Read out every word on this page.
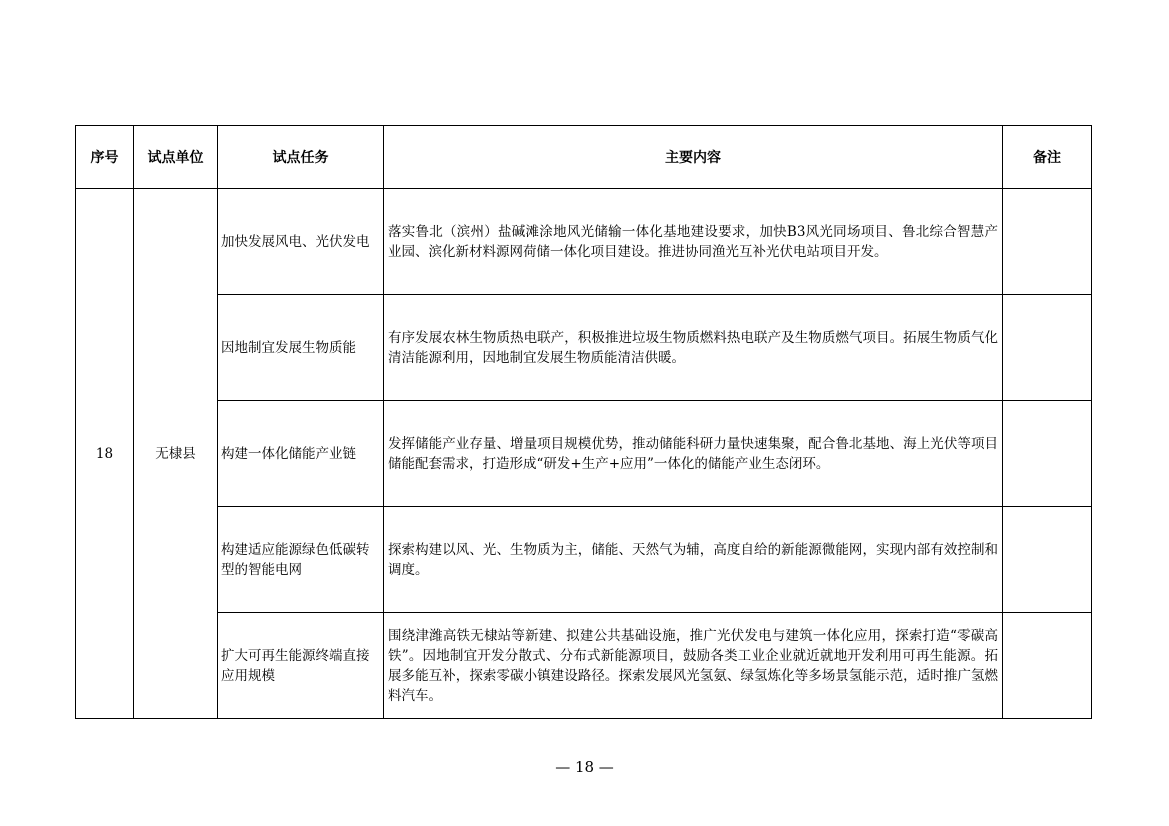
序号	试点单位	试点任务	主要内容	备注
18	无棣县	加快发展风电、光伏发电	落实鲁北（滨州）盐碱滩涂地风光储输一体化基地建设要求，加快B3风光同场项目、鲁北综合智慧产业园、滨化新材料源网荷储一体化项目建设。推进协同渔光互补光伏电站项目开发。	
		因地制宜发展生物质能	有序发展农林生物质热电联产，积极推进垃圾生物质燃料热电联产及生物质燃气项目。拓展生物质气化清洁能源利用，因地制宜发展生物质能清洁供暖。	
		构建一体化储能产业链	发挥储能产业存量、增量项目规模优势，推动储能科研力量快速集聚，配合鲁北基地、海上光伏等项目储能配套需求，打造形成“研发+生产+应用”一体化的储能产业生态闭环。	
		构建适应能源绿色低碳转型的智能电网	探索构建以风、光、生物质为主，储能、天然气为辅，高度自给的新能源微能网，实现内部有效控制和调度。	
		扩大可再生能源终端直接应用规模	围绕津潍高铁无棣站等新建、拟建公共基础设施，推广光伏发电与建筑一体化应用，探索打造“零碳高铁”。因地制宜开发分散式、分布式新能源项目，鼓励各类工业企业就近就地开发利用可再生能源。拓展多能互补，探索零碳小镇建设路径。探索发展风光氢氨、绿氢炼化等多场景氢能示范，适时推广氢燃料汽车。	
— 18 —
